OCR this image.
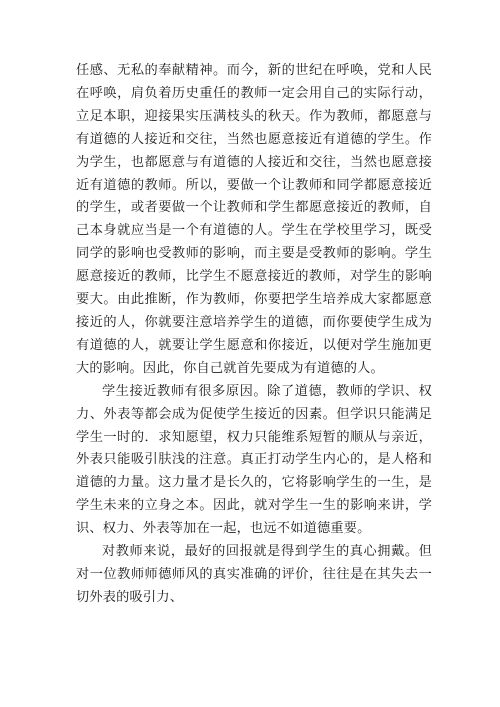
任感、无私的奉献精神。而今，新的世纪在呼唤，党和人民在呼唤，肩负着历史重任的教师一定会用自己的实际行动，立足本职，迎接果实压满枝头的秋天。作为教师，都愿意与有道德的人接近和交往，当然也愿意接近有道德的学生。作为学生，也都愿意与有道德的人接近和交往，当然也愿意接近有道德的教师。所以，要做一个让教师和同学都愿意接近的学生，或者要做一个让教师和学生都愿意接近的教师，自己本身就应当是一个有道德的人。学生在学校里学习，既受同学的影响也受教师的影响，而主要是受教师的影响。学生愿意接近的教师，比学生不愿意接近的教师，对学生的影响要大。由此推断，作为教师，你要把学生培养成大家都愿意接近的人，你就要注意培养学生的道德，而你要使学生成为有道德的人，就要让学生愿意和你接近，以便对学生施加更大的影响。因此，你自己就首先要成为有道德的人。

学生接近教师有很多原因。除了道德，教师的学识、权力、外表等都会成为促使学生接近的因素。但学识只能满足学生一时的．求知愿望，权力只能维系短暂的顺从与亲近，外表只能吸引肤浅的注意。真正打动学生内心的，是人格和道德的力量。这力量才是长久的，它将影响学生的一生，是学生未来的立身之本。因此，就对学生一生的影响来讲，学识、权力、外表等加在一起，也远不如道德重要。

对教师来说，最好的回报就是得到学生的真心拥戴。但对一位教师师德师风的真实准确的评价，往往是在其失去一切外表的吸引力、
